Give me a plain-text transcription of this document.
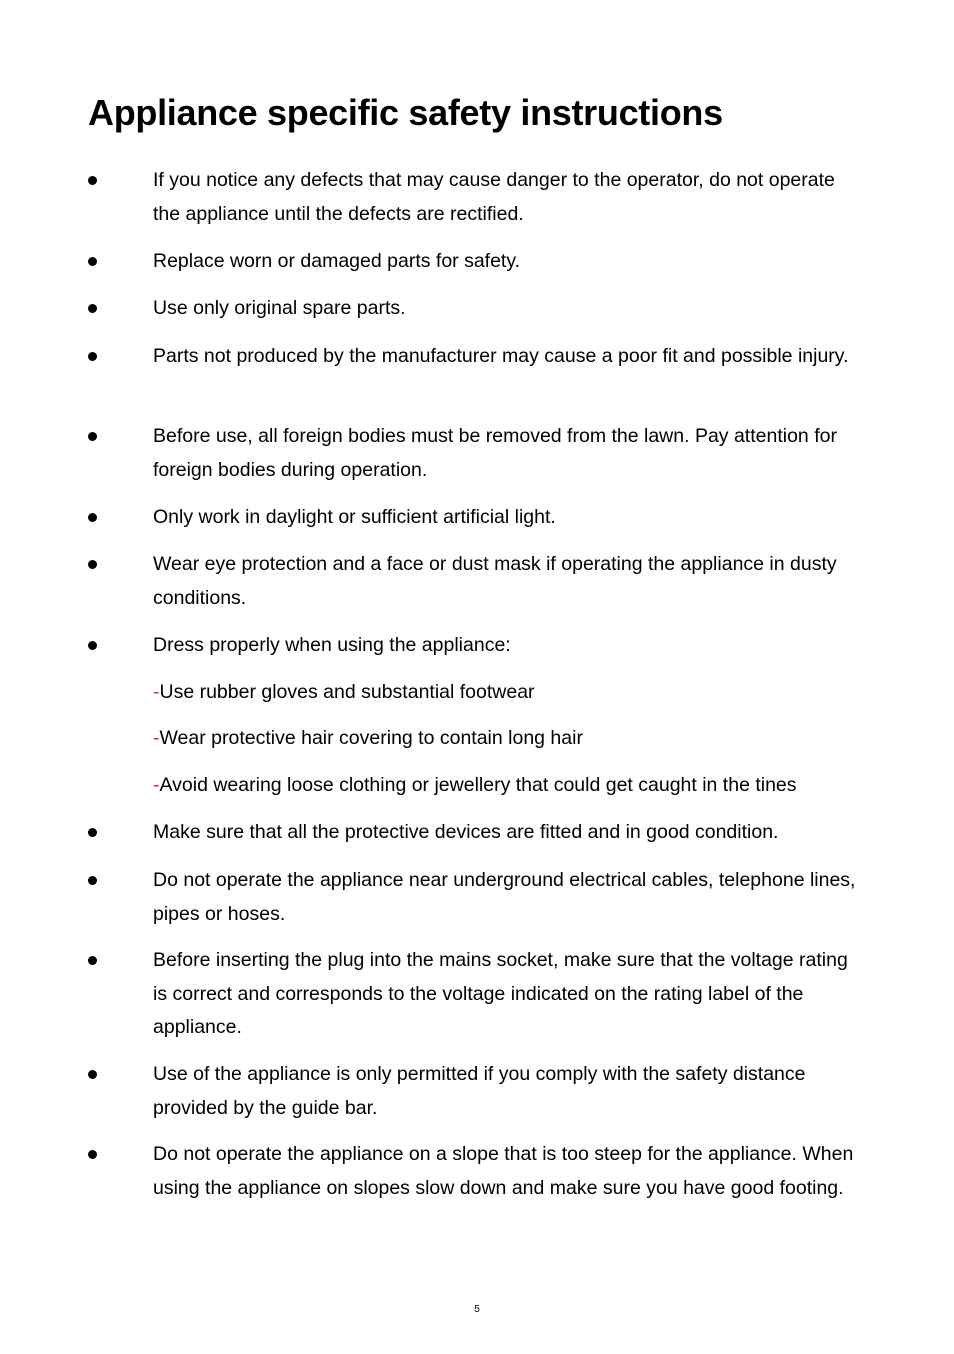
Appliance specific safety instructions
If you notice any defects that may cause danger to the operator, do not operate the appliance until the defects are rectified.
Replace worn or damaged parts for safety.
Use only original spare parts.
Parts not produced by the manufacturer may cause a poor fit and possible injury.
Before use, all foreign bodies must be removed from the lawn. Pay attention for foreign bodies during operation.
Only work in daylight or sufficient artificial light.
Wear eye protection and a face or dust mask if operating the appliance in dusty conditions.
Dress properly when using the appliance:
-Use rubber gloves and substantial footwear
-Wear protective hair covering to contain long hair
-Avoid wearing loose clothing or jewellery that could get caught in the tines
Make sure that all the protective devices are fitted and in good condition.
Do not operate the appliance near underground electrical cables, telephone lines, pipes or hoses.
Before inserting the plug into the mains socket, make sure that the voltage rating is correct and corresponds to the voltage indicated on the rating label of the appliance.
Use of the appliance is only permitted if you comply with the safety distance provided by the guide bar.
Do not operate the appliance on a slope that is too steep for the appliance. When using the appliance on slopes slow down and make sure you have good footing.
5
